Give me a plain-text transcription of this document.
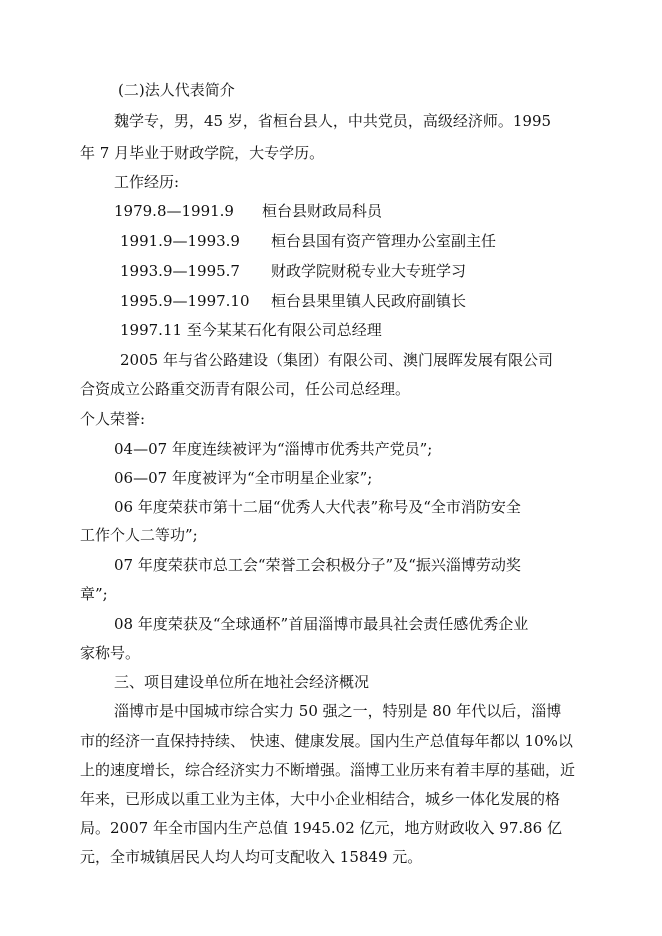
(二)法人代表简介
魏学专，男，45 岁，省桓台县人，中共党员，高级经济师。1995
年 7 月毕业于财政学院，大专学历。
工作经历:
1979.8—1991.9 桓台县财政局科员
1991.9—1993.9 桓台县国有资产管理办公室副主任
1993.9—1995.7 财政学院财税专业大专班学习
1995.9—1997.10 桓台县果里镇人民政府副镇长
1997.11 至今某某石化有限公司总经理
2005 年与省公路建设（集团）有限公司、澳门展晖发展有限公司
合资成立公路重交沥青有限公司，任公司总经理。
个人荣誉:
04—07 年度连续被评为“淄博市优秀共产党员”;
06—07 年度被评为“全市明星企业家”;
06 年度荣获市第十二届“优秀人大代表”称号及“全市消防安全
工作个人二等功”;
07 年度荣获市总工会“荣誉工会积极分子”及“振兴淄博劳动奖
章”;
08 年度荣获及“全球通杯”首届淄博市最具社会责任感优秀企业
家称号。
三、项目建设单位所在地社会经济概况
淄博市是中国城市综合实力 50 强之一，特别是 80 年代以后，淄博
市的经济一直保持持续、 快速、健康发展。国内生产总值每年都以 10%以
上的速度增长，综合经济实力不断增强。淄博工业历来有着丰厚的基础，近
年来，已形成以重工业为主体，大中小企业相结合，城乡一体化发展的格
局。2007 年全市国内生产总值 1945.02 亿元，地方财政收入 97.86 亿
元，全市城镇居民人均人均可支配收入 15849 元。
